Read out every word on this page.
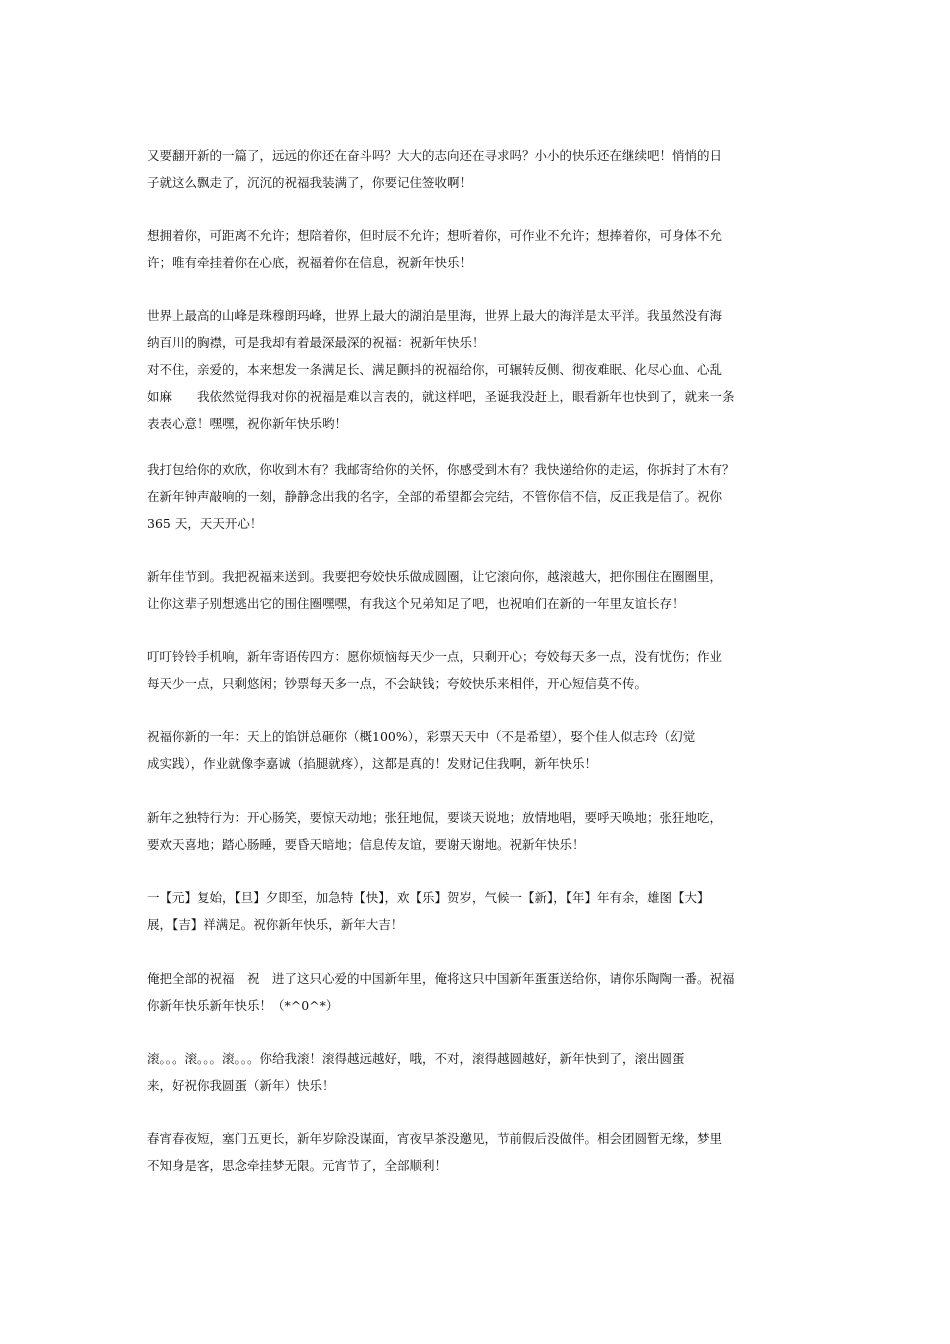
又要翻开新的一篇了，远远的你还在奋斗吗？大大的志向还在寻求吗？小小的快乐还在继续吧！悄悄的日
子就这么飘走了，沉沉的祝福我装满了，你要记住签收啊！
想拥着你，可距离不允许；想陪着你，但时辰不允许；想听着你，可作业不允许；想捧着你，可身体不允
许；唯有牵挂着你在心底，祝福着你在信息，祝新年快乐！
世界上最高的山峰是珠穆朗玛峰，世界上最大的湖泊是里海，世界上最大的海洋是太平洋。我虽然没有海
纳百川的胸襟，可是我却有着最深最深的祝福：祝新年快乐！
对不住，亲爱的，本来想发一条满足长、满足颤抖的祝福给你，可辗转反侧、彻夜难眠、化尽心血、心乱
如麻　　我依然觉得我对你的祝福是难以言表的，就这样吧，圣诞我没赶上，眼看新年也快到了，就来一条
表表心意！嘿嘿，祝你新年快乐哟！
我打包给你的欢欣，你收到木有？我邮寄给你的关怀，你感受到木有？我快递给你的走运，你拆封了木有？
在新年钟声敲响的一刻，静静念出我的名字，全部的希望都会完结，不管你信不信，反正我是信了。祝你
365 天，天天开心！
新年佳节到。我把祝福来送到。我要把夸姣快乐做成圆圈，让它滚向你，越滚越大，把你围住在圈圈里，
让你这辈子别想逃出它的围住圈嘿嘿，有我这个兄弟知足了吧，也祝咱们在新的一年里友谊长存！
叮叮铃铃手机响，新年寄语传四方：愿你烦恼每天少一点，只剩开心；夸姣每天多一点，没有忧伤；作业
每天少一点，只剩悠闲；钞票每天多一点，不会缺钱；夸姣快乐来相伴，开心短信莫不传。
祝福你新的一年：天上的馅饼总砸你（概100%），彩票天天中（不是希望），娶个佳人似志玲（幻觉
成实践），作业就像李嘉诚（掐腿就疼），这都是真的！发财记住我啊，新年快乐！
新年之独特行为：开心肠笑，要惊天动地；张狂地侃，要谈天说地；放情地唱，要呼天唤地；张狂地吃，
要欢天喜地；踏心肠睡，要昏天暗地；信息传友谊，要谢天谢地。祝新年快乐！
一【元】复始，【旦】夕即至，加急特【快】，欢【乐】贺岁，气候一【新】，【年】年有余，雄图【大】
展，【吉】祥满足。祝你新年快乐，新年大吉！
俺把全部的祝福　祝　进了这只心爱的中国新年里，俺将这只中国新年蛋蛋送给你，请你乐陶陶一番。祝福
你新年快乐新年快乐！（*^0^*）
滚。。。滚。。。滚。。。你给我滚！滚得越远越好，哦，不对，滚得越圆越好，新年快到了，滚出圆蛋
来，好祝你我圆蛋（新年）快乐！
春宵春夜短，塞门五更长，新年岁除没谋面，宵夜早茶没邀见，节前假后没做伴。相会团圆暂无缘，梦里
不知身是客，思念牵挂梦无限。元宵节了，全部顺利！
